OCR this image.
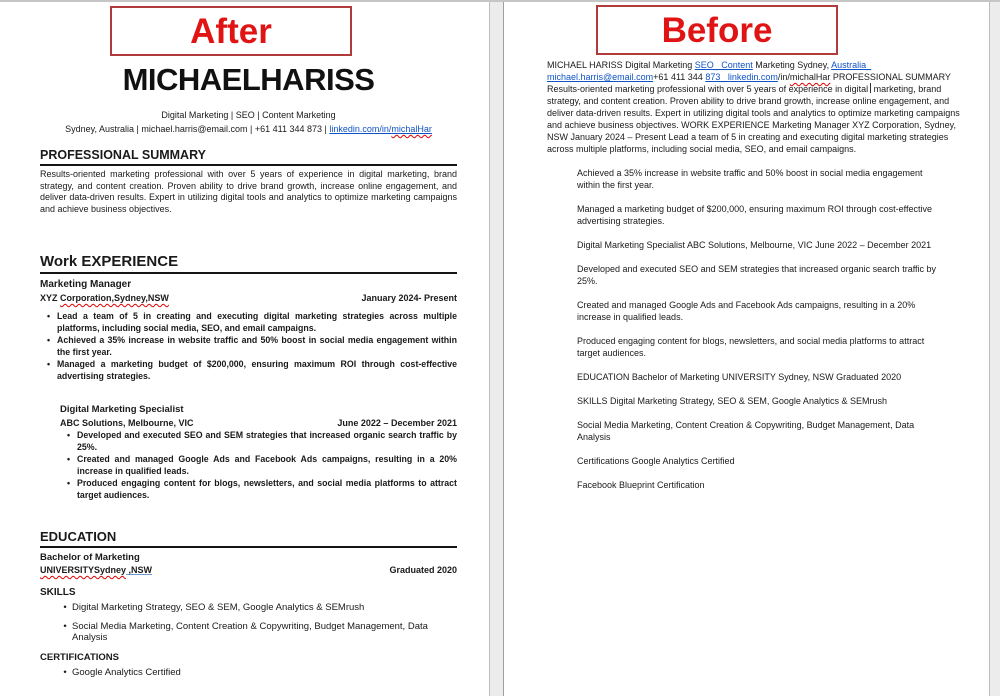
After
MICHAELHARISS
Digital Marketing | SEO | Content Marketing
Sydney, Australia | michael.harris@email.com | +61 411 344 873 | linkedin.com/in/michalHar
PROFESSIONAL SUMMARY

Results-oriented marketing professional with over 5 years of experience in digital marketing, brand strategy, and content creation. Proven ability to drive brand growth, increase online engagement, and deliver data-driven results. Expert in utilizing digital tools and analytics to optimize marketing campaigns and achieve business objectives.

Work EXPERIENCE
Marketing Manager
XYZ Corporation,Sydney,NSW	January 2024- Present
• Lead a team of 5 in creating and executing digital marketing strategies across multiple platforms, including social media, SEO, and email campaigns.
• Achieved a 35% increase in website traffic and 50% boost in social media engagement within the first year.
• Managed a marketing budget of $200,000, ensuring maximum ROI through cost-effective advertising strategies.
Digital Marketing Specialist
ABC Solutions, Melbourne, VIC	June 2022 – December 2021
• Developed and executed SEO and SEM strategies that increased organic search traffic by 25%.
• Created and managed Google Ads and Facebook Ads campaigns, resulting in a 20% increase in qualified leads.
• Produced engaging content for blogs, newsletters, and social media platforms to attract target audiences.
EDUCATION
Bachelor of Marketing
UNIVERSITYSydney ,NSW	Graduated 2020
SKILLS
• Digital Marketing Strategy, SEO & SEM, Google Analytics & SEMrush
• Social Media Marketing, Content Creation & Copywriting, Budget Management, Data Analysis
CERTIFICATIONS
• Google Analytics Certified
Before

MICHAEL HARISS Digital Marketing SEO_ Content Marketing Sydney, Australia_ michael.harris@email.com+61 411 344 873_ linkedin.com/in/michalHar PROFESSIONAL SUMMARY Results-oriented marketing professional with over 5 years of experience in digital marketing, brand strategy, and content creation. Proven ability to drive brand growth, increase online engagement, and deliver data-driven results. Expert in utilizing digital tools and analytics to optimize marketing campaigns and achieve business objectives. WORK EXPERIENCE Marketing Manager XYZ Corporation, Sydney, NSW January 2024 – Present Lead a team of 5 in creating and executing digital marketing strategies across multiple platforms, including social media, SEO, and email campaigns.

Achieved a 35% increase in website traffic and 50% boost in social media engagement within the first year.

Managed a marketing budget of $200,000, ensuring maximum ROI through cost-effective advertising strategies.

Digital Marketing Specialist ABC Solutions, Melbourne, VIC June 2022 – December 2021

Developed and executed SEO and SEM strategies that increased organic search traffic by 25%.

Created and managed Google Ads and Facebook Ads campaigns, resulting in a 20% increase in qualified leads.

Produced engaging content for blogs, newsletters, and social media platforms to attract target audiences.

EDUCATION Bachelor of Marketing UNIVERSITY Sydney, NSW Graduated 2020

SKILLS Digital Marketing Strategy, SEO & SEM, Google Analytics & SEMrush

Social Media Marketing, Content Creation & Copywriting, Budget Management, Data Analysis

Certifications Google Analytics Certified

Facebook Blueprint Certification
